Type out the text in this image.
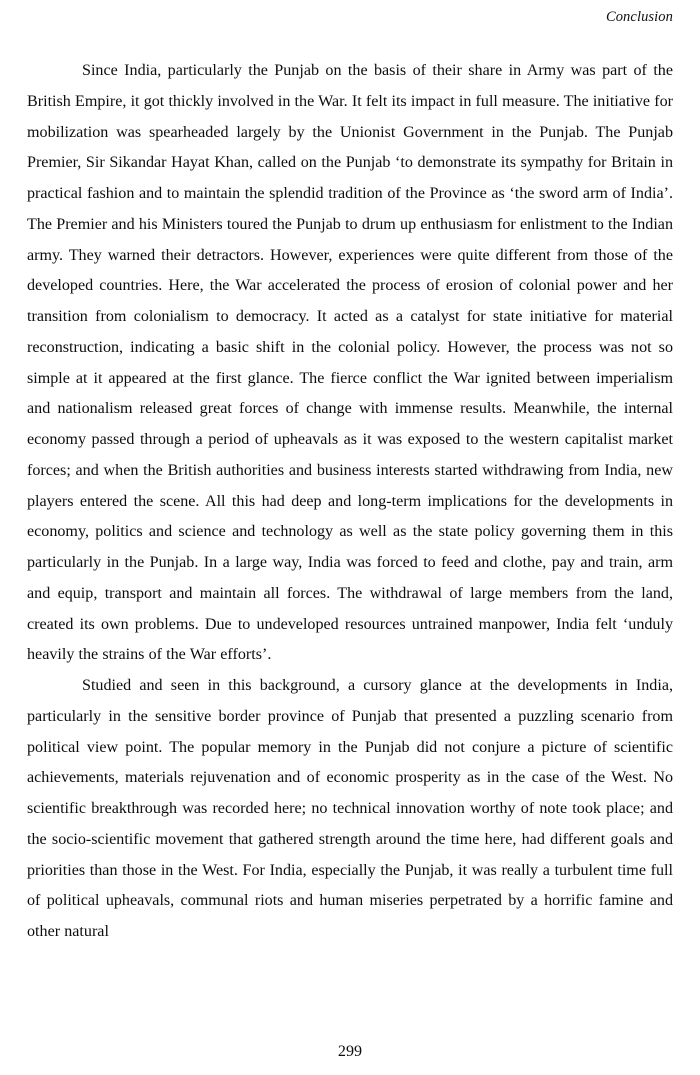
Conclusion

Since India, particularly the Punjab on the basis of their share in Army was part of the British Empire, it got thickly involved in the War. It felt its impact in full measure. The initiative for mobilization was spearheaded largely by the Unionist Government in the Punjab. The Punjab Premier, Sir Sikandar Hayat Khan, called on the Punjab ‘to demonstrate its sympathy for Britain in practical fashion and to maintain the splendid tradition of the Province as ‘the sword arm of India’. The Premier and his Ministers toured the Punjab to drum up enthusiasm for enlistment to the Indian army. They warned their detractors. However, experiences were quite different from those of the developed countries. Here, the War accelerated the process of erosion of colonial power and her transition from colonialism to democracy. It acted as a catalyst for state initiative for material reconstruction, indicating a basic shift in the colonial policy. However, the process was not so simple at it appeared at the first glance. The fierce conflict the War ignited between imperialism and nationalism released great forces of change with immense results. Meanwhile, the internal economy passed through a period of upheavals as it was exposed to the western capitalist market forces; and when the British authorities and business interests started withdrawing from India, new players entered the scene. All this had deep and long-term implications for the developments in economy, politics and science and technology as well as the state policy governing them in this particularly in the Punjab. In a large way, India was forced to feed and clothe, pay and train, arm and equip, transport and maintain all forces. The withdrawal of large members from the land, created its own problems. Due to undeveloped resources untrained manpower, India felt ‘unduly heavily the strains of the War efforts’.

Studied and seen in this background, a cursory glance at the developments in India, particularly in the sensitive border province of Punjab that presented a puzzling scenario from political view point. The popular memory in the Punjab did not conjure a picture of scientific achievements, materials rejuvenation and of economic prosperity as in the case of the West. No scientific breakthrough was recorded here; no technical innovation worthy of note took place; and the socio-scientific movement that gathered strength around the time here, had different goals and priorities than those in the West. For India, especially the Punjab, it was really a turbulent time full of political upheavals, communal riots and human miseries perpetrated by a horrific famine and other natural

299
